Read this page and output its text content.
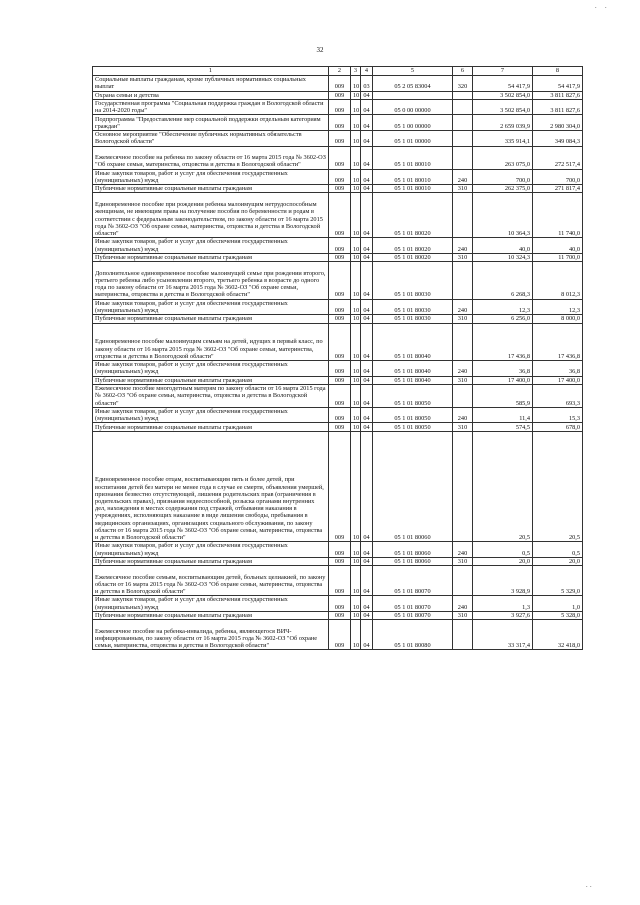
· ·
32
1	2	3	4	5	6	7	8
Социальные выплаты гражданам, кроме публичных нормативных социальных выплат	009	10	03	05 2 05 83004	320	54 417,9	54 417,9
Охрана семьи и детства	009	10	04			3 502 854,0	3 811 827,6
Государственная программа "Социальная поддержка граждан в Вологодской области на 2014-2020 годы"	009	10	04	05 0 00 00000		3 502 854,0	3 811 827,6
Подпрограмма "Предоставление мер социальной поддержки отдельным категориям граждан"	009	10	04	05 1 00 00000		2 659 039,9	2 980 304,0
Основное мероприятие "Обеспечение публичных нормативных обязательств Вологодской области"	009	10	04	05 1 01 00000		335 914,1	349 084,3
Ежемесячное пособие на ребенка по закону области от 16 марта 2015 года № 3602-ОЗ "Об охране семьи, материнства, отцовства и детства в Вологодской области"	009	10	04	05 1 01 80010		263 075,0	272 517,4
Иные закупки товаров, работ и услуг для обеспечения государственных (муниципальных) нужд	009	10	04	05 1 01 80010	240	700,0	700,0
Публичные нормативные социальные выплаты гражданам	009	10	04	05 1 01 80010	310	262 375,0	271 817,4
Единовременное пособие при рождении ребенка малоимущим нетрудоспособным женщинам, не имеющим права на получение пособия по беременности и родам в соответствии с федеральным законодательством, по закону области от 16 марта 2015 года № 3602-ОЗ "Об охране семьи, материнства, отцовства и детства в Вологодской области"	009	10	04	05 1 01 80020		10 364,3	11 740,0
Иные закупки товаров, работ и услуг для обеспечения государственных (муниципальных) нужд	009	10	04	05 1 01 80020	240	40,0	40,0
Публичные нормативные социальные выплаты гражданам	009	10	04	05 1 01 80020	310	10 324,3	11 700,0
Дополнительное единовременное пособие малоимущей семье при рождении второго, третьего ребенка либо усыновлении второго, третьего ребенка в возрасте до одного года по закону области от 16 марта 2015 года № 3602-ОЗ "Об охране семьи, материнства, отцовства и детства в Вологодской области"	009	10	04	05 1 01 80030		6 268,3	8 012,3
Иные закупки товаров, работ и услуг для обеспечения государственных (муниципальных) нужд	009	10	04	05 1 01 80030	240	12,3	12,3
Публичные нормативные социальные выплаты гражданам	009	10	04	05 1 01 80030	310	6 256,0	8 000,0
Единовременное пособие малоимущим семьям на детей, идущих в первый класс, по закону области от 16 марта 2015 года № 3602-ОЗ "Об охране семьи, материнства, отцовства и детства в Вологодской области"	009	10	04	05 1 01 80040		17 436,8	17 436,8
Иные закупки товаров, работ и услуг для обеспечения государственных (муниципальных) нужд	009	10	04	05 1 01 80040	240	36,8	36,8
Публичные нормативные социальные выплаты гражданам	009	10	04	05 1 01 80040	310	17 400,0	17 400,0
Ежемесячное пособие многодетным матерям по закону области от 16 марта 2015 года № 3602-ОЗ "Об охране семьи, материнства, отцовства и детства в Вологодской области"	009	10	04	05 1 01 80050		585,9	693,3
Иные закупки товаров, работ и услуг для обеспечения государственных (муниципальных) нужд	009	10	04	05 1 01 80050	240	11,4	15,3
Публичные нормативные социальные выплаты гражданам	009	10	04	05 1 01 80050	310	574,5	678,0
Единовременное пособие отцам, воспитывающим пять и более детей, при воспитании детей без матери не менее года в случае ее смерти, объявления умершей, признания безвестно отсутствующей, лишения родительских прав (ограничения в родительских правах), признания недееспособной, розыска органами внутренних дел, нахождения в местах содержания под стражей, отбывания наказания в учреждениях, исполняющих наказание в виде лишения свободы, пребывания в медицинских организациях, организациях социального обслуживания, по закону области от 16 марта 2015 года № 3602-ОЗ "Об охране семьи, материнства, отцовства и детства в Вологодской области"	009	10	04	05 1 01 80060		20,5	20,5
Иные закупки товаров, работ и услуг для обеспечения государственных (муниципальных) нужд	009	10	04	05 1 01 80060	240	0,5	0,5
Публичные нормативные социальные выплаты гражданам	009	10	04	05 1 01 80060	310	20,0	20,0
Ежемесячное пособие семьям, воспитывающим детей, больных целиакией, по закону области от 16 марта 2015 года № 3602-ОЗ "Об охране семьи, материнства, отцовства и детства в Вологодской области"	009	10	04	05 1 01 80070		3 928,9	5 329,0
Иные закупки товаров, работ и услуг для обеспечения государственных (муниципальных) нужд	009	10	04	05 1 01 80070	240	1,3	1,0
Публичные нормативные социальные выплаты гражданам	009	10	04	05 1 01 80070	310	3 927,6	5 328,0
Ежемесячное пособие на ребенка-инвалида, ребенка, являющегося ВИЧ-инфицированным, по закону области от 16 марта 2015 года № 3602-ОЗ "Об охране семьи, материнства, отцовства и детства в Вологодской области"	009	10	04	05 1 01 80080		33 317,4	32 418,0
· ·
